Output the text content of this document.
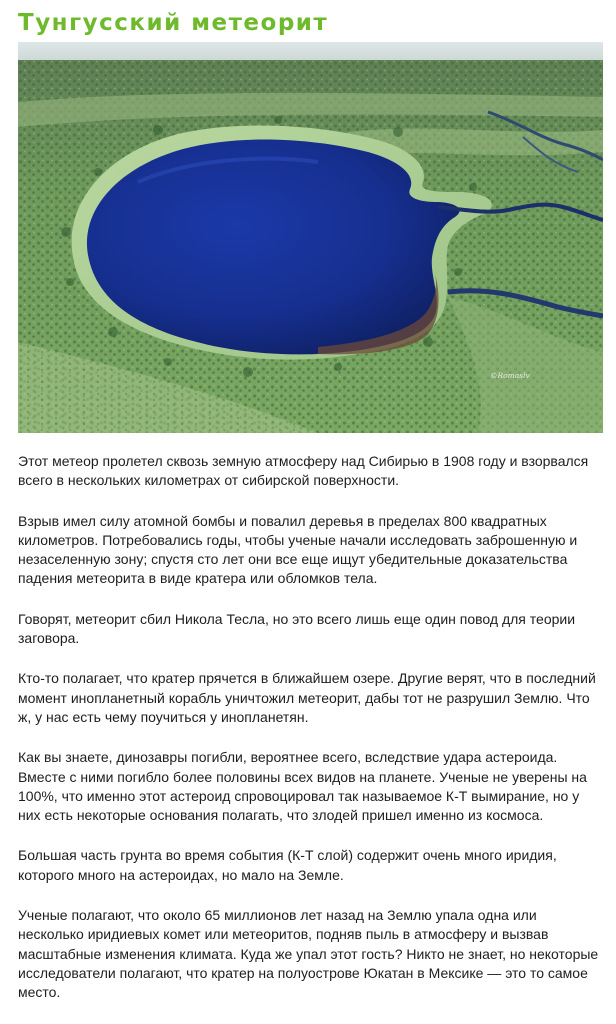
Тунгусский метеорит
©Romaslv

Этот метеор пролетел сквозь земную атмосферу над Сибирью в 1908 году и взорвался всего в нескольких километрах от сибирской поверхности.

Взрыв имел силу атомной бомбы и повалил деревья в пределах 800 квадратных километров. Потребовались годы, чтобы ученые начали исследовать заброшенную и незаселенную зону; спустя сто лет они все еще ищут убедительные доказательства падения метеорита в виде кратера или обломков тела.

Говорят, метеорит сбил Никола Тесла, но это всего лишь еще один повод для теории заговора.

Кто-то полагает, что кратер прячется в ближайшем озере. Другие верят, что в последний момент инопланетный корабль уничтожил метеорит, дабы тот не разрушил Землю. Что ж, у нас есть чему поучиться у инопланетян.

Как вы знаете, динозавры погибли, вероятнее всего, вследствие удара астероида. Вместе с ними погибло более половины всех видов на планете. Ученые не уверены на 100%, что именно этот астероид спровоцировал так называемое К-Т вымирание, но у них есть некоторые основания полагать, что злодей пришел именно из космоса.

Большая часть грунта во время события (К-Т слой) содержит очень много иридия, которого много на астероидах, но мало на Земле.

Ученые полагают, что около 65 миллионов лет назад на Землю упала одна или несколько иридиевых комет или метеоритов, подняв пыль в атмосферу и вызвав масштабные изменения климата. Куда же упал этот гость? Никто не знает, но некоторые исследователи полагают, что кратер на полуострове Юкатан в Мексике — это то самое место.
